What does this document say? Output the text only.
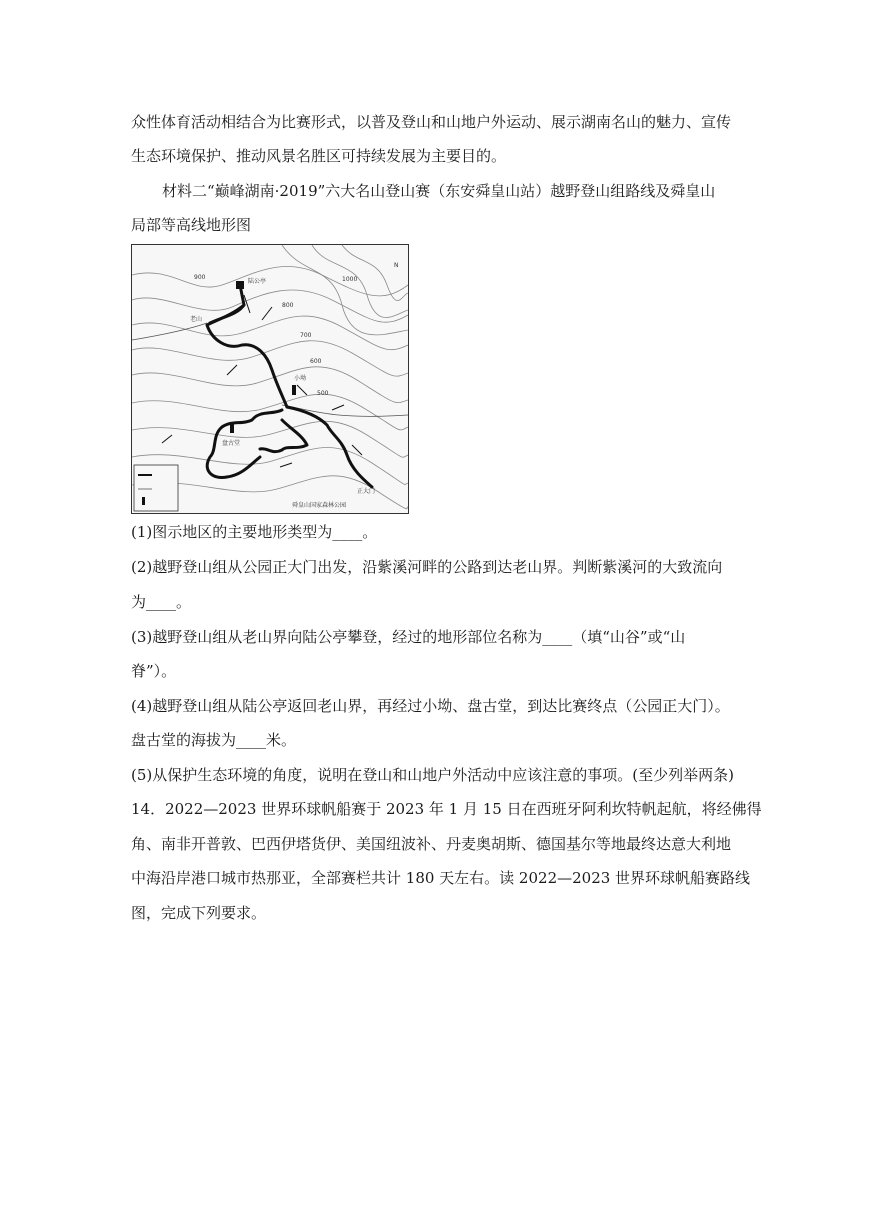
众性体育活动相结合为比赛形式，以普及登山和山地户外运动、展示湖南名山的魅力、宣传
生态环境保护、推动风景名胜区可持续发展为主要目的。
材料二“巅峰湖南·2019”六大名山登山赛（东安舜皇山站）越野登山组路线及舜皇山
局部等高线地形图
N
陆公亭
老山
小坳
盘古堂
正大门
舜皇山国家森林公园
900
800
700
600
500
1000
(1)图示地区的主要地形类型为____。
(2)越野登山组从公园正大门出发，沿紫溪河畔的公路到达老山界。判断紫溪河的大致流向
为____。
(3)越野登山组从老山界向陆公亭攀登，经过的地形部位名称为____（填“山谷”或“山
脊”）。
(4)越野登山组从陆公亭返回老山界，再经过小坳、盘古堂，到达比赛终点（公园正大门）。
盘古堂的海拔为____米。
(5)从保护生态环境的角度，说明在登山和山地户外活动中应该注意的事项。(至少列举两条)
14．2022—2023 世界环球帆船赛于 2023 年 1 月 15 日在西班牙阿利坎特帆起航，将经佛得
角、南非开普敦、巴西伊塔货伊、美国纽波补、丹麦奥胡斯、德国基尔等地最终达意大利地
中海沿岸港口城市热那亚，全部赛栏共计 180 天左右。读 2022—2023 世界环球帆船赛路线
图，完成下列要求。
